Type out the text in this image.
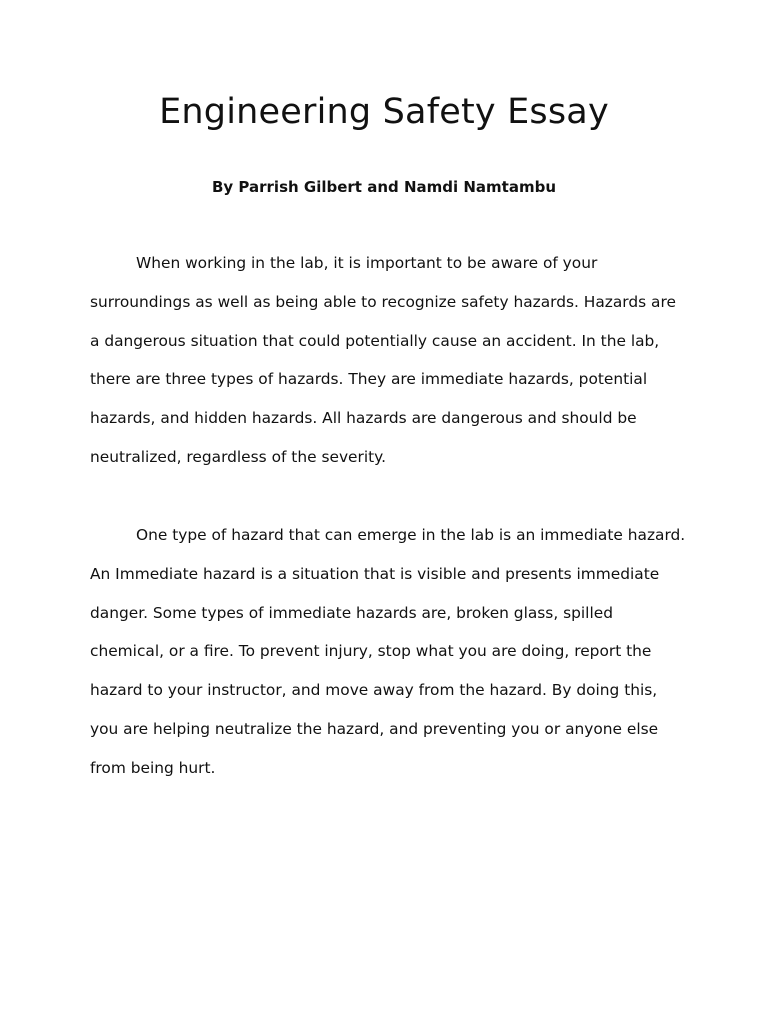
Engineering Safety Essay

By Parrish Gilbert and Namdi Namtambu

When working in the lab, it is important to be aware of your surroundings as well as being able to recognize safety hazards. Hazards are a dangerous situation that could potentially cause an accident. In the lab, there are three types of hazards. They are immediate hazards, potential hazards, and hidden hazards. All hazards are dangerous and should be neutralized, regardless of the severity.

One type of hazard that can emerge in the lab is an immediate hazard. An Immediate hazard is a situation that is visible and presents immediate danger. Some types of immediate hazards are, broken glass, spilled chemical, or a fire. To prevent injury, stop what you are doing, report the hazard to your instructor, and move away from the hazard. By doing this, you are helping neutralize the hazard, and preventing you or anyone else from being hurt.
